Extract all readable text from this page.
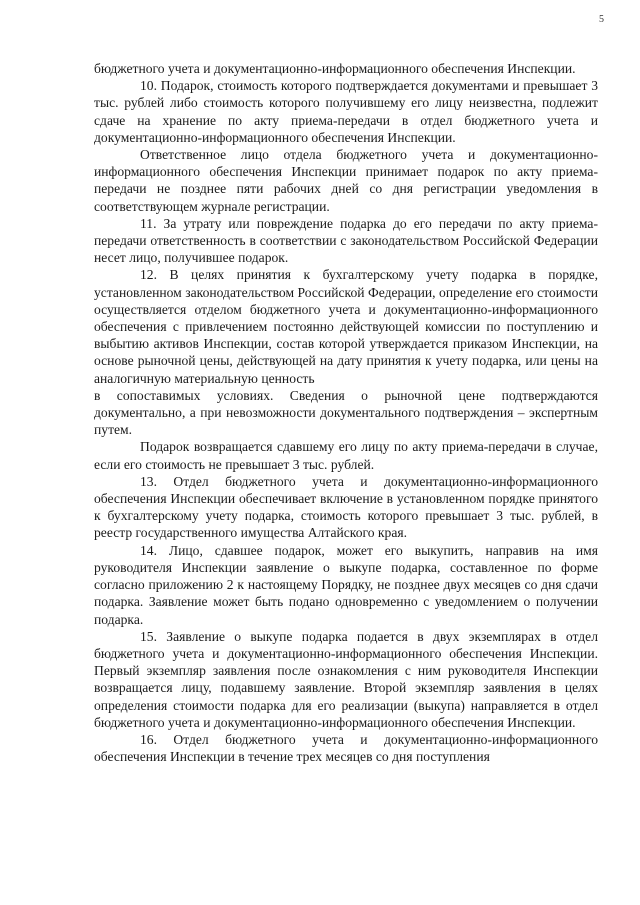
5

бюджетного учета и документационно-информационного обеспечения Инспекции.

10. Подарок, стоимость которого подтверждается документами и превышает 3 тыс. рублей либо стоимость которого получившему его лицу неизвестна, подлежит сдаче на хранение по акту приема-передачи в отдел бюджетного учета и документационно-информационного обеспечения Инспекции.

Ответственное лицо отдела бюджетного учета и документационно-информационного обеспечения Инспекции принимает подарок по акту приема-передачи не позднее пяти рабочих дней со дня регистрации уведомления в соответствующем журнале регистрации.

11. За утрату или повреждение подарка до его передачи по акту приема-передачи ответственность в соответствии с законодательством Российской Федерации несет лицо, получившее подарок.

12. В целях принятия к бухгалтерскому учету подарка в порядке, установленном законодательством Российской Федерации, определение его стоимости осуществляется отделом бюджетного учета и документационно-информационного обеспечения с привлечением постоянно действующей комиссии по поступлению и выбытию активов Инспекции, состав которой утверждается приказом Инспекции, на основе рыночной цены, действующей на дату принятия к учету подарка, или цены на аналогичную материальную ценность

в сопоставимых условиях. Сведения о рыночной цене подтверждаются документально, а при невозможности документального подтверждения – экспертным путем.

Подарок возвращается сдавшему его лицу по акту приема-передачи в случае, если его стоимость не превышает 3 тыс. рублей.

13. Отдел бюджетного учета и документационно-информационного обеспечения Инспекции обеспечивает включение в установленном порядке принятого к бухгалтерскому учету подарка, стоимость которого превышает 3 тыс. рублей, в реестр государственного имущества Алтайского края.

14. Лицо, сдавшее подарок, может его выкупить, направив на имя руководителя Инспекции заявление о выкупе подарка, составленное по форме согласно приложению 2 к настоящему Порядку, не позднее двух месяцев со дня сдачи подарка. Заявление может быть подано одновременно с уведомлением о получении подарка.

15. Заявление о выкупе подарка подается в двух экземплярах в отдел бюджетного учета и документационно-информационного обеспечения Инспекции. Первый экземпляр заявления после ознакомления с ним руководителя Инспекции возвращается лицу, подавшему заявление. Второй экземпляр заявления в целях определения стоимости подарка для его реализации (выкупа) направляется в отдел бюджетного учета и документационно-информационного обеспечения Инспекции.

16. Отдел бюджетного учета и документационно-информационного обеспечения Инспекции в течение трех месяцев со дня поступления
